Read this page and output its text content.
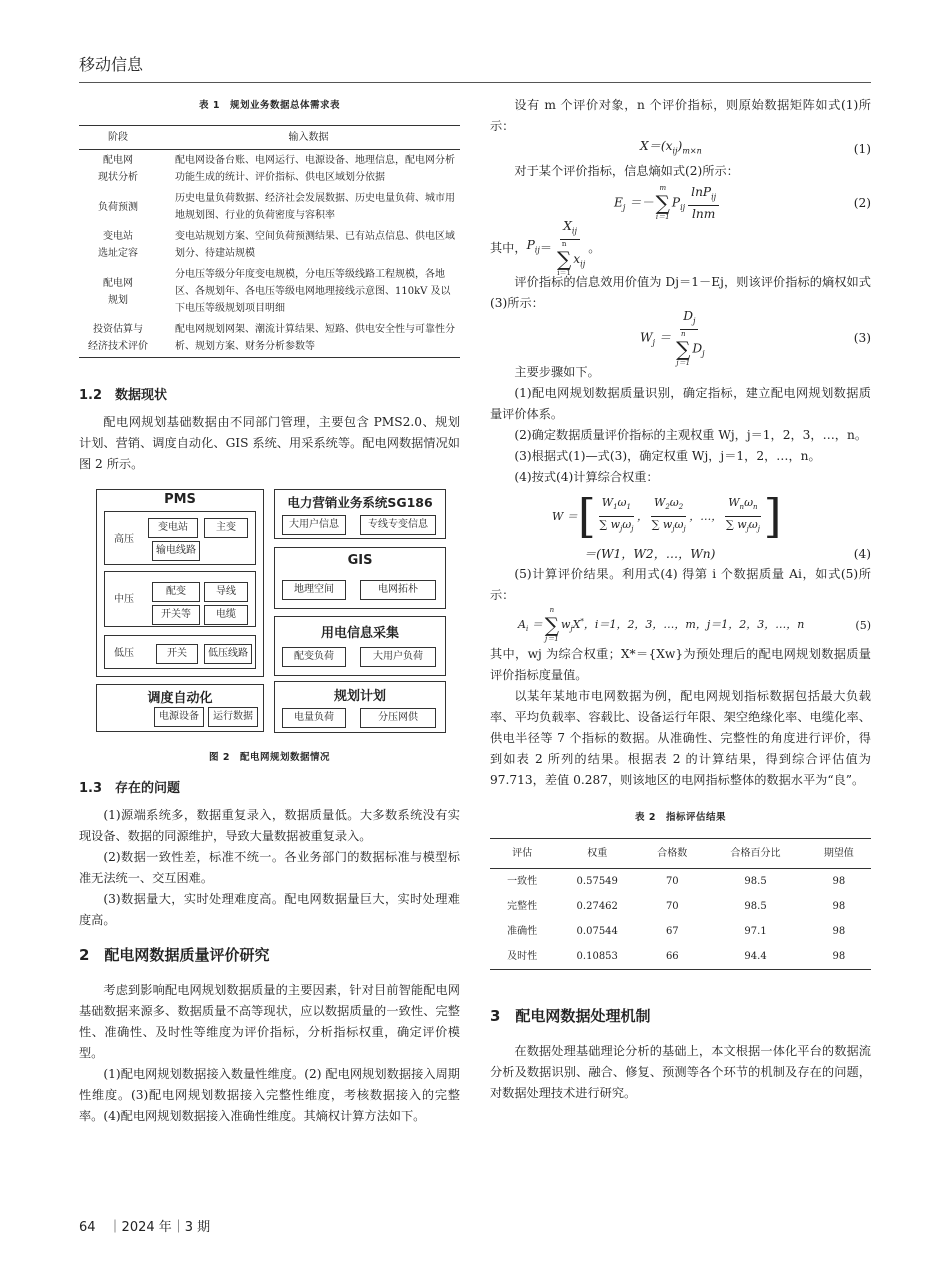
移动信息
表 1　规划业务数据总体需求表
阶段	输入数据
配电网
现状分析	配电网设备台账、电网运行、电源设备、地理信息，配电网分析功能生成的统计、评价指标、供电区域划分依据
负荷预测	历史电量负荷数据、经济社会发展数据、历史电量负荷、城市用地规划图、行业的负荷密度与容积率
变电站
选址定容	变电站规划方案、空间负荷预测结果、已有站点信息、供电区域划分、待建站规模
配电网
规划	分电压等级分年度变电规模，分电压等级线路工程规模，各地区、各规划年、各电压等级电网地理接线示意图、110kV 及以下电压等级规划项目明细
投资估算与
经济技术评价	配电网规划网架、潮流计算结果、短路、供电安全性与可靠性分析、规划方案、财务分析参数等
1.2　数据现状

配电网规划基础数据由不同部门管理，主要包含 PMS2.0、规划计划、营销、调度自动化、GIS 系统、用采系统等。配电网数据情况如图 2 所示。

PMS
高压
变电站	主变
输电线路
中压
配变	导线
开关等	电缆
低压	开关	低压线路
调度自动化
电源设备	运行数据
电力营销业务系统SG186
大用户信息	专线专变信息
GIS
地理空间	电网拓朴
用电信息采集
配变负荷	大用户负荷
规划计划
电量负荷	分压网供
图 2　配电网规划数据情况
1.3　存在的问题

(1)源端系统多，数据重复录入，数据质量低。大多数系统没有实现设备、数据的同源维护，导致大量数据被重复录入。

(2)数据一致性差，标准不统一。各业务部门的数据标准与模型标准无法统一、交互困难。

(3)数据量大，实时处理难度高。配电网数据量巨大，实时处理难度高。

2　配电网数据质量评价研究

考虑到影响配电网规划数据质量的主要因素，针对目前智能配电网基础数据来源多、数据质量不高等现状，应以数据质量的一致性、完整性、准确性、及时性等维度为评价指标，分析指标权重，确定评价模型。

(1)配电网规划数据接入数量性维度。(2) 配电网规划数据接入周期性维度。(3)配电网规划数据接入完整性维度，考核数据接入的完整率。(4)配电网规划数据接入准确性维度。其熵权计算方法如下。

设有 m 个评价对象，n 个评价指标，则原始数据矩阵如式(1)所示：

$X=(x_{ij})_{m\times n}$	(1)

对于某个评价指标，信息熵如式(2)所示：

$E_j$ ＝－
m
∑
i＝1
$P_{ij} \frac{\ln P_{ij}}{\ln m}$	(2)
其中， $P_{ij} = X_{ij}$
n
∑
i＝1
$x_{ij}$ 。

评价指标的信息效用价值为 Dj＝1－Ej，则该评价指标的熵权如式(3)所示：

$W_j = D_j$
n
∑
j＝1
$D_j$	(3)

主要步骤如下。

(1)配电网规划数据质量识别，确定指标，建立配电网规划数据质量评价体系。

(2)确定数据质量评价指标的主观权重 Wj，j＝1，2，3，…，n。

(3)根据式(1)—式(3)，确定权重 Wj，j＝1，2，…，n。

(4)按式(4)计算综合权重：

W ＝ [ $\frac{W_1\omega_1}{\sum w_j\omega_j}$ ， $\frac{W_2\omega_2}{\sum w_j\omega_j}$ ，…， $\frac{W_n\omega_n}{\sum w_j\omega_j}$ ]
＝(W1，W2，…，Wn)	(4)

(5)计算评价结果。利用式(4) 得第 i 个数据质量 Ai，如式(5)所示：

$A_i$ ＝
n
∑
j＝1
$w_jX^*$，i＝1，2，3，…，m，j＝1，2，3，…，n	(5)

其中，wj 为综合权重；X*＝{Xw}为预处理后的配电网规划数据质量评价指标度量值。

以某年某地市电网数据为例，配电网规划指标数据包括最大负载率、平均负载率、容载比、设备运行年限、架空绝缘化率、电缆化率、供电半径等 7 个指标的数据。从准确性、完整性的角度进行评价，得到如表 2 所列的结果。根据表 2 的计算结果，得到综合评估值为 97.713，差值 0.287，则该地区的电网指标整体的数据水平为“良”。

表 2　指标评估结果
评估	权重	合格数	合格百分比	期望值
一致性	0.57549	70	98.5	98
完整性	0.27462	70	98.5	98
准确性	0.07544	67	97.1	98
及时性	0.10853	66	94.4	98
3　配电网数据处理机制

在数据处理基础理论分析的基础上，本文根据一体化平台的数据流分析及数据识别、融合、修复、预测等各个环节的机制及存在的问题，对数据处理技术进行研究。

64　｜2024 年｜3 期
